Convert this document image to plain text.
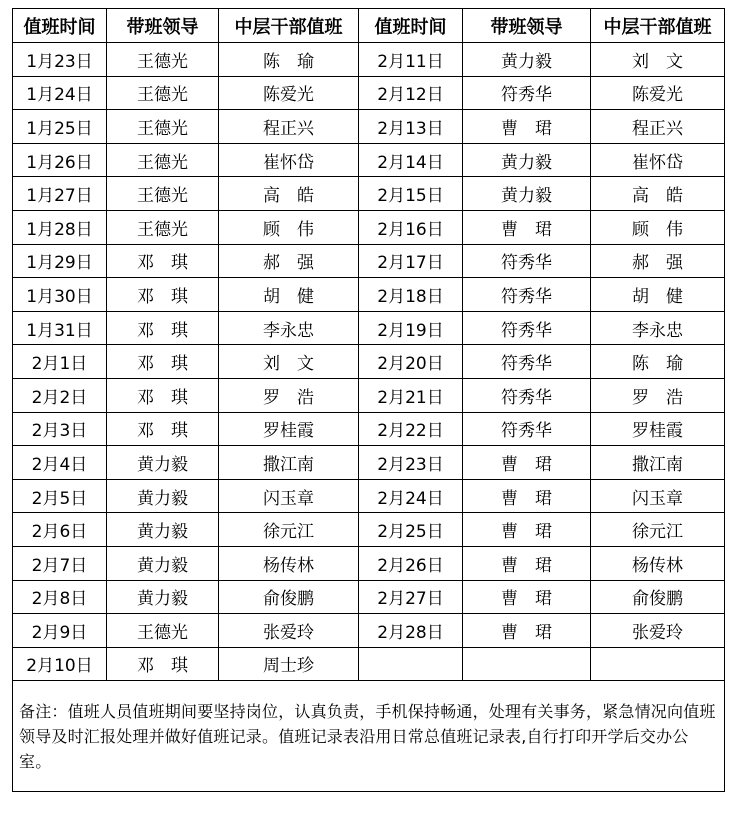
值班时间	带班领导	中层干部值班	值班时间	带班领导	中层干部值班
1月23日	王德光	陈　瑜	2月11日	黄力毅	刘　文
1月24日	王德光	陈爱光	2月12日	符秀华	陈爱光
1月25日	王德光	程正兴	2月13日	曹　珺	程正兴
1月26日	王德光	崔怀岱	2月14日	黄力毅	崔怀岱
1月27日	王德光	高　皓	2月15日	黄力毅	高　皓
1月28日	王德光	顾　伟	2月16日	曹　珺	顾　伟
1月29日	邓　琪	郝　强	2月17日	符秀华	郝　强
1月30日	邓　琪	胡　健	2月18日	符秀华	胡　健
1月31日	邓　琪	李永忠	2月19日	符秀华	李永忠
2月1日	邓　琪	刘　文	2月20日	符秀华	陈　瑜
2月2日	邓　琪	罗　浩	2月21日	符秀华	罗　浩
2月3日	邓　琪	罗桂霞	2月22日	符秀华	罗桂霞
2月4日	黄力毅	撒江南	2月23日	曹　珺	撒江南
2月5日	黄力毅	闪玉章	2月24日	曹　珺	闪玉章
2月6日	黄力毅	徐元江	2月25日	曹　珺	徐元江
2月7日	黄力毅	杨传林	2月26日	曹　珺	杨传林
2月8日	黄力毅	俞俊鹏	2月27日	曹　珺	俞俊鹏
2月9日	王德光	张爱玲	2月28日	曹　珺	张爱玲
2月10日	邓　琪	周士珍			
备注：值班人员值班期间要坚持岗位，认真负责，手机保持畅通，处理有关事务，紧急情况向值班领导及时汇报处理并做好值班记录。值班记录表沿用日常总值班记录表,自行打印开学后交办公室。					
